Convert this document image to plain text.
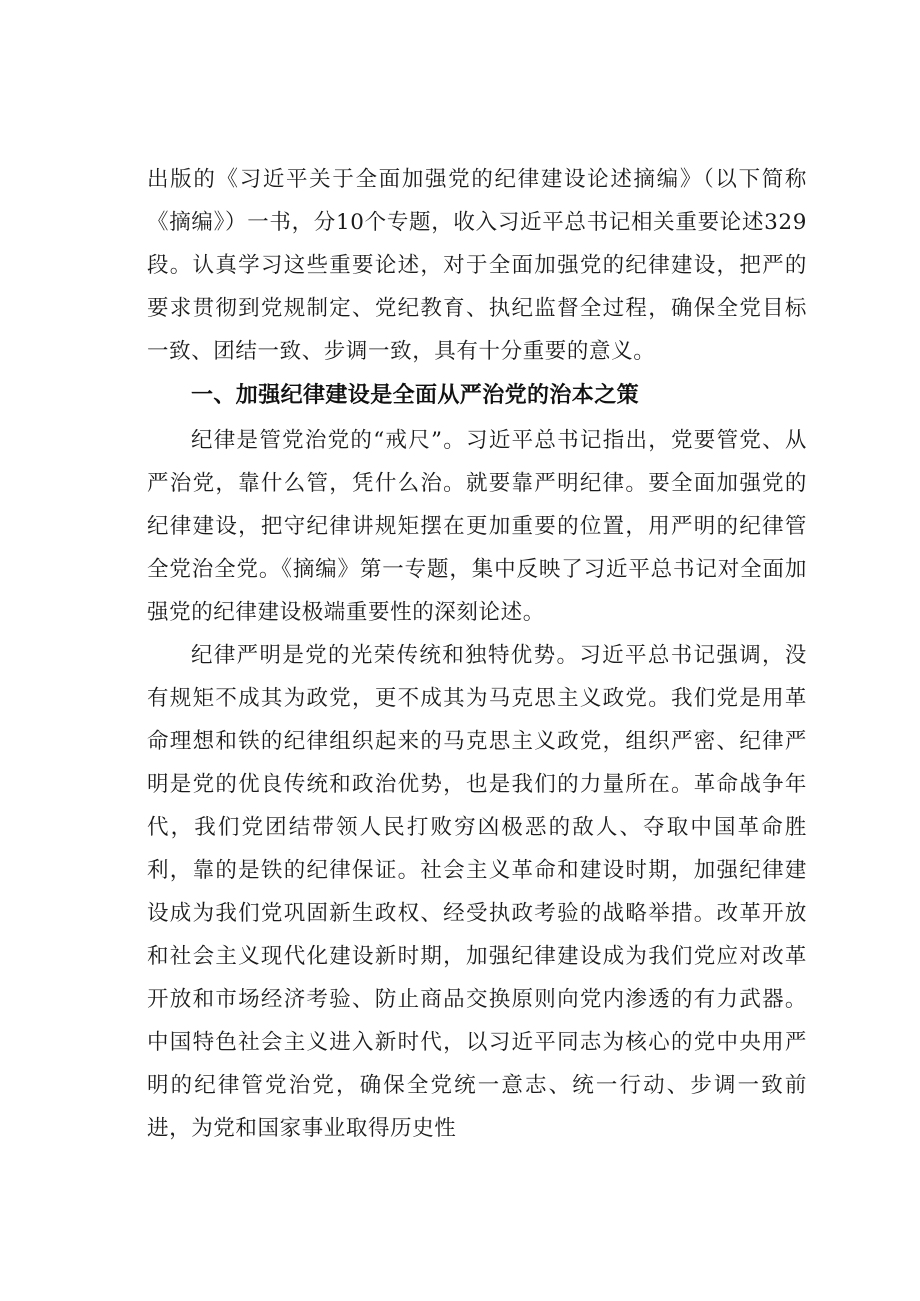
出版的《习近平关于全面加强党的纪律建设论述摘编》（以下简称《摘编》）一书，分10个专题，收入习近平总书记相关重要论述329段。认真学习这些重要论述，对于全面加强党的纪律建设，把严的要求贯彻到党规制定、党纪教育、执纪监督全过程，确保全党目标一致、团结一致、步调一致，具有十分重要的意义。

一、加强纪律建设是全面从严治党的治本之策

纪律是管党治党的“戒尺”。习近平总书记指出，党要管党、从严治党，靠什么管，凭什么治。就要靠严明纪律。要全面加强党的纪律建设，把守纪律讲规矩摆在更加重要的位置，用严明的纪律管全党治全党。《摘编》第一专题，集中反映了习近平总书记对全面加强党的纪律建设极端重要性的深刻论述。

纪律严明是党的光荣传统和独特优势。习近平总书记强调，没有规矩不成其为政党，更不成其为马克思主义政党。我们党是用革命理想和铁的纪律组织起来的马克思主义政党，组织严密、纪律严明是党的优良传统和政治优势，也是我们的力量所在。革命战争年代，我们党团结带领人民打败穷凶极恶的敌人、夺取中国革命胜利，靠的是铁的纪律保证。社会主义革命和建设时期，加强纪律建设成为我们党巩固新生政权、经受执政考验的战略举措。改革开放和社会主义现代化建设新时期，加强纪律建设成为我们党应对改革开放和市场经济考验、防止商品交换原则向党内渗透的有力武器。中国特色社会主义进入新时代，以习近平同志为核心的党中央用严明的纪律管党治党，确保全党统一意志、统一行动、步调一致前进，为党和国家事业取得历史性
